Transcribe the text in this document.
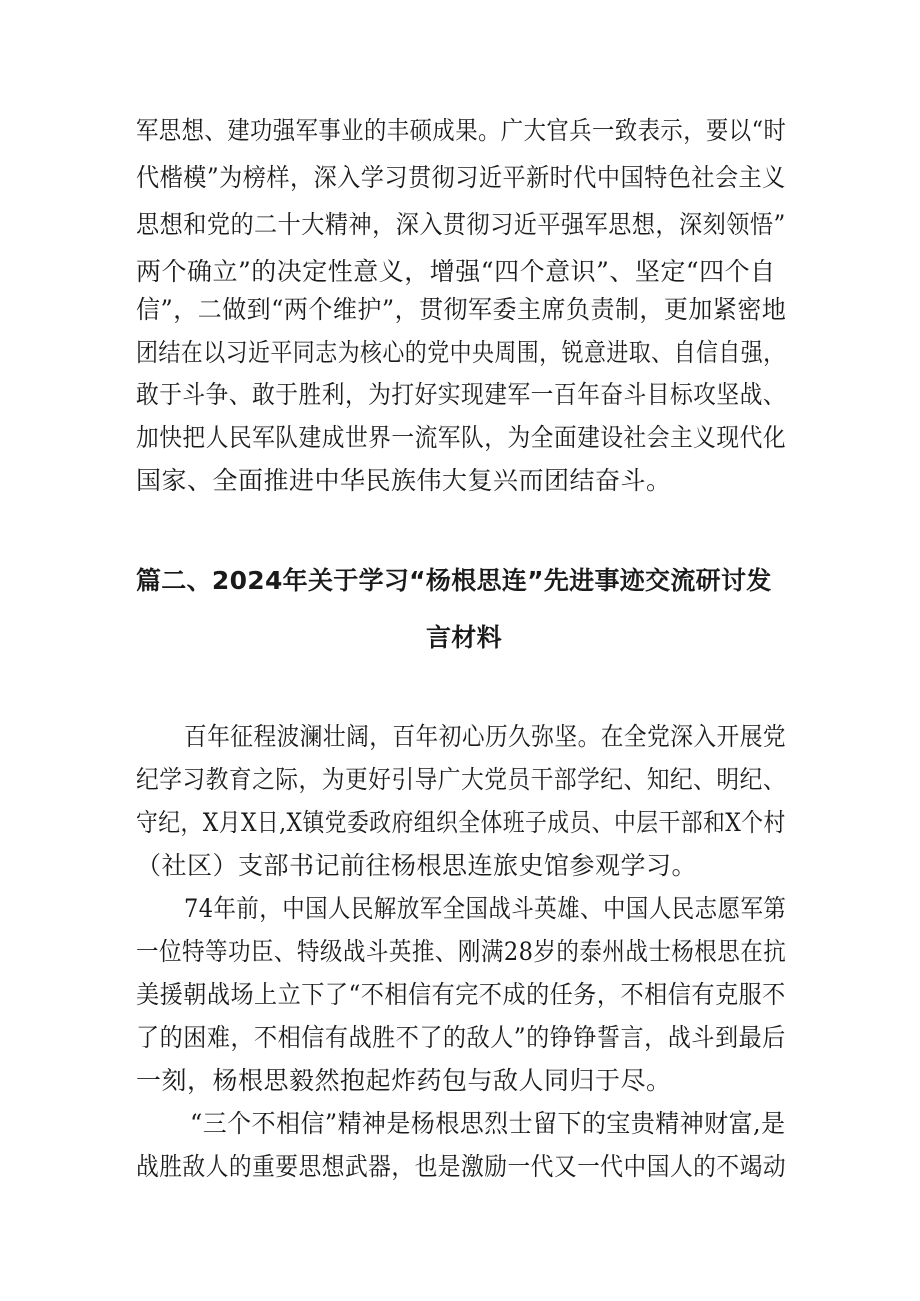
军思想、建功强军事业的丰硕成果。广大官兵一致表示，要以“时
代楷模”为榜样，深入学习贯彻习近平新时代中国特色社会主义
思想和党的二十大精神，深入贯彻习近平强军思想，深刻领悟”
两个确立”的决定性意义，增强“四个意识”、坚定“四个自
信”，二做到“两个维护”，贯彻军委主席负责制，更加紧密地
团结在以习近平同志为核心的党中央周围，锐意进取、自信自强，
敢于斗争、敢于胜利，为打好实现建军一百年奋斗目标攻坚战、
加快把人民军队建成世界一流军队，为全面建设社会主义现代化
国家、全面推进中华民族伟大复兴而团结奋斗。
篇二、2024年关于学习“杨根思连”先进事迹交流研讨发
言材料
百年征程波澜壮阔，百年初心历久弥坚。在全党深入开展党
纪学习教育之际，为更好引导广大党员干部学纪、知纪、明纪、
守纪，X月X日,X镇党委政府组织全体班子成员、中层干部和X个村
（社区）支部书记前往杨根思连旅史馆参观学习。
74年前，中国人民解放军全国战斗英雄、中国人民志愿军第
一位特等功臣、特级战斗英推、刚满28岁的泰州战士杨根思在抗
美援朝战场上立下了“不相信有完不成的任务，不相信有克服不
了的困难，不相信有战胜不了的敌人”的铮铮誓言，战斗到最后
一刻，杨根思毅然抱起炸药包与敌人同归于尽。
“三个不相信”精神是杨根思烈士留下的宝贵精神财富,是
战胜敌人的重要思想武器，也是激励一代又一代中国人的不竭动
